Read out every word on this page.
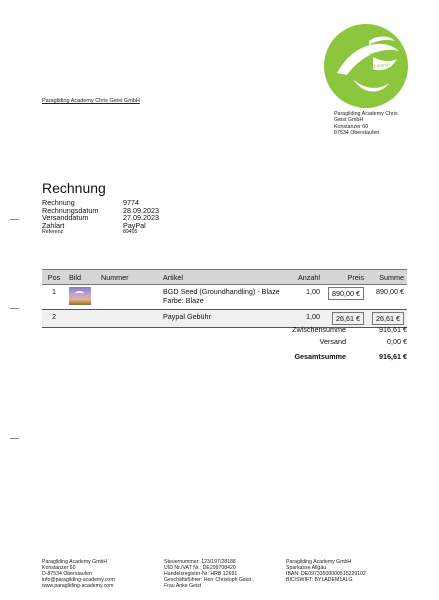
PARAGLIDING
ACADEMY
Paragliding Academy Chris Geist GmbH
Paragliding Academy Chris
Geist GmbH
Konstanzer 60
87534 Oberstaufen
Rechnung
Rechnung	9774
Rechnungsdatum	28.09.2023
Versanddatum	27.09.2023
Zahlart	PayPal
Referenz	89405
Pos	Bild	Nummer	Artikel	Anzahl	Preis	Summe
1			BGD Seed (Groundhandling) - Blaze
Farbe: Blaze	1,00	890,00 €	890,00 €
2			Paypal Gebühr	1,00	26,61 €	26,61 €
Zwischensumme	916,61 €
Versand	0,00 €
Gesamtsumme	916,61 €
Paragliding Academy GmbH
Konstanzer 60
D-87534 Oberstaufen
info@paragliding-academy.com
www.paragliding-academy.com
Steuernummer: 123/197/28188
UID Nr./VAT Nr.: DE299708420
Handelsregister-Nr: HRB 12691
Geschäftsführer: Herr Christoph Geist ,
Frau Anke Geist
Paragliding Academy GmbH
Sparkasse Allgäu
IBAN: DE09733500000515229102
BIC/SWIFT: BYLADEM1ALG
